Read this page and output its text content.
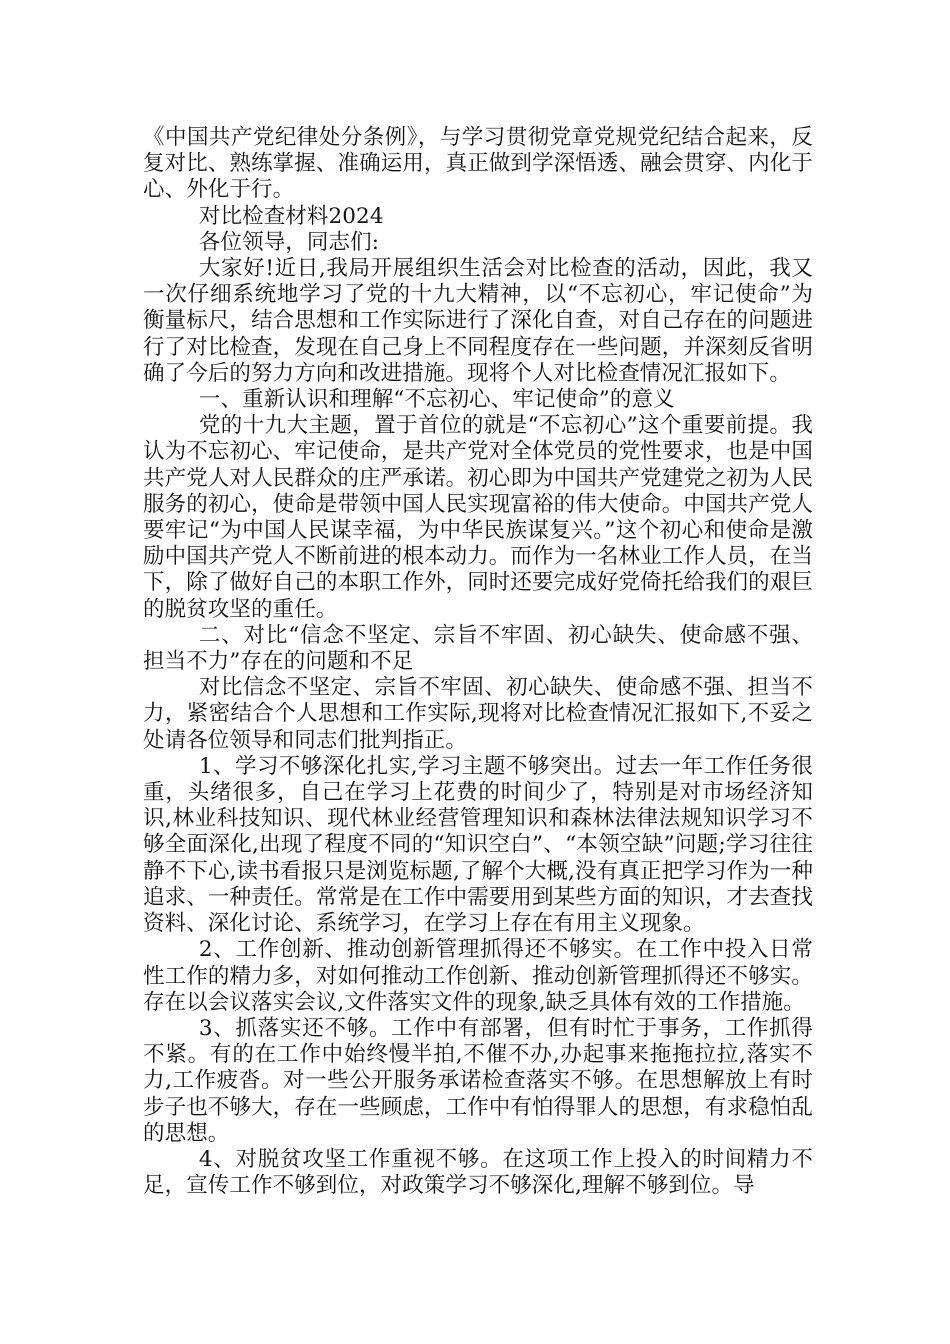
《中国共产党纪律处分条例》，与学习贯彻党章党规党纪结合起来，反复对比、熟练掌握、准确运用，真正做到学深悟透、融会贯穿、内化于心、外化于行。

对比检查材料2024

各位领导，同志们:

大家好!近日,我局开展组织生活会对比检查的活动，因此，我又一次仔细系统地学习了党的十九大精神，以“不忘初心，牢记使命”为衡量标尺，结合思想和工作实际进行了深化自查，对自己存在的问题进行了对比检查，发现在自己身上不同程度存在一些问题，并深刻反省明确了今后的努力方向和改进措施。现将个人对比检查情况汇报如下。

一、重新认识和理解“不忘初心、牢记使命”的意义

党的十九大主题，置于首位的就是“不忘初心”这个重要前提。我认为不忘初心、牢记使命，是共产党对全体党员的党性要求，也是中国共产党人对人民群众的庄严承诺。初心即为中国共产党建党之初为人民服务的初心，使命是带领中国人民实现富裕的伟大使命。中国共产党人要牢记“为中国人民谋幸福，为中华民族谋复兴。”这个初心和使命是激励中国共产党人不断前进的根本动力。而作为一名林业工作人员，在当下，除了做好自己的本职工作外，同时还要完成好党倚托给我们的艰巨的脱贫攻坚的重任。

二、对比“信念不坚定、宗旨不牢固、初心缺失、使命感不强、担当不力”存在的问题和不足

对比信念不坚定、宗旨不牢固、初心缺失、使命感不强、担当不力，紧密结合个人思想和工作实际,现将对比检查情况汇报如下,不妥之处请各位领导和同志们批判指正。

1、学习不够深化扎实,学习主题不够突出。过去一年工作任务很重，头绪很多，自己在学习上花费的时间少了，特别是对市场经济知识,林业科技知识、现代林业经营管理知识和森林法律法规知识学习不够全面深化,出现了程度不同的“知识空白”、“本领空缺”问题;学习往往静不下心,读书看报只是浏览标题,了解个大概,没有真正把学习作为一种追求、一种责任。常常是在工作中需要用到某些方面的知识，才去查找资料、深化讨论、系统学习，在学习上存在有用主义现象。

2、工作创新、推动创新管理抓得还不够实。在工作中投入日常性工作的精力多，对如何推动工作创新、推动创新管理抓得还不够实。存在以会议落实会议,文件落实文件的现象,缺乏具体有效的工作措施。

3、抓落实还不够。工作中有部署，但有时忙于事务，工作抓得不紧。有的在工作中始终慢半拍,不催不办,办起事来拖拖拉拉,落实不力,工作疲沓。对一些公开服务承诺检查落实不够。在思想解放上有时步子也不够大，存在一些顾虑，工作中有怕得罪人的思想，有求稳怕乱的思想。

4、对脱贫攻坚工作重视不够。在这项工作上投入的时间精力不足，宣传工作不够到位，对政策学习不够深化,理解不够到位。导
